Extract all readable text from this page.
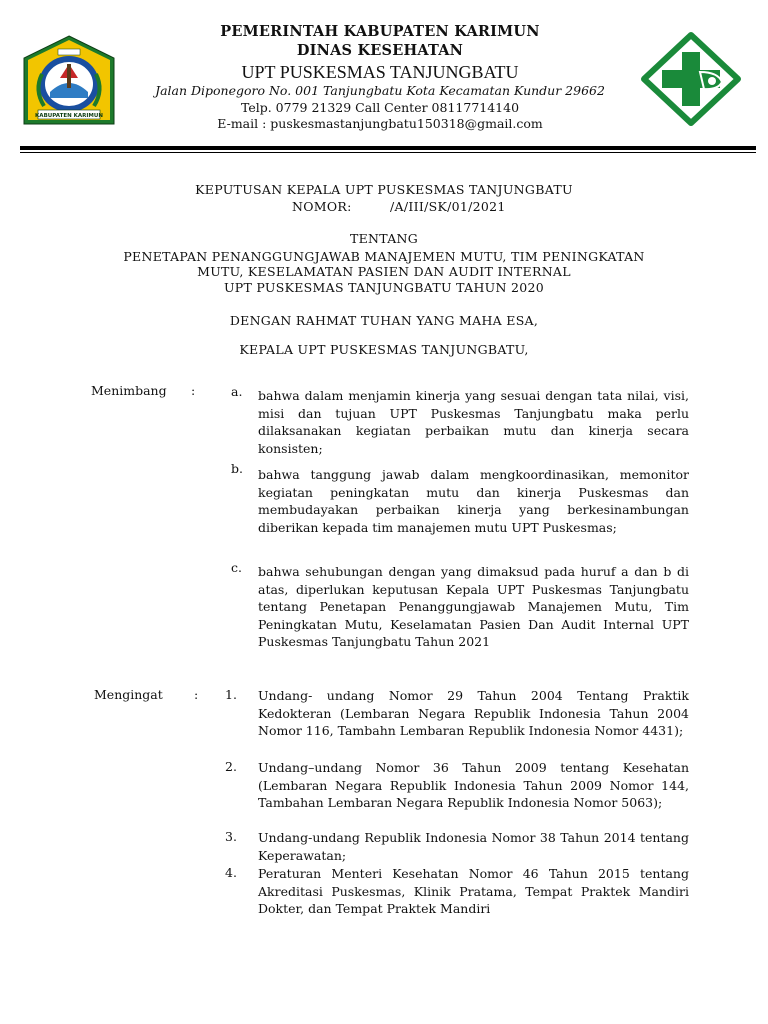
KABUPATEN KARIMUN
PEMERINTAH KABUPATEN KARIMUN
DINAS KESEHATAN
UPT PUSKESMAS TANJUNGBATU
Jalan Diponegoro No. 001 Tanjungbatu Kota Kecamatan Kundur 29662
Telp. 0779 21329 Call Center 08117714140
E-mail : puskesmastanjungbatu150318@gmail.com
KEPUTUSAN KEPALA UPT PUSKESMAS TANJUNGBATU
NOMOR:	/A/III/SK/01/2021
TENTANG
PENETAPAN PENANGGUNGJAWAB MANAJEMEN MUTU, TIM PENINGKATAN
MUTU, KESELAMATAN PASIEN DAN AUDIT INTERNAL
UPT PUSKESMAS TANJUNGBATU TAHUN 2020
DENGAN RAHMAT TUHAN YANG MAHA ESA,
KEPALA UPT PUSKESMAS TANJUNGBATU,
Menimbang :	a. bahwa dalam menjamin kinerja yang sesuai dengan tata nilai, visi, misi dan tujuan UPT Puskesmas Tanjungbatu maka perlu dilaksanakan kegiatan perbaikan mutu dan kinerja secara konsisten;
b. bahwa tanggung jawab dalam mengkoordinasikan, memonitor kegiatan peningkatan mutu dan kinerja Puskesmas dan membudayakan perbaikan kinerja yang berkesinambungan diberikan kepada tim manajemen mutu UPT Puskesmas;
c. bahwa sehubungan dengan yang dimaksud pada huruf a dan b di atas, diperlukan keputusan Kepala UPT Puskesmas Tanjungbatu tentang Penetapan Penanggungjawab Manajemen Mutu, Tim Peningkatan Mutu, Keselamatan Pasien Dan Audit Internal UPT Puskesmas Tanjungbatu Tahun 2021
Mengingat : 1. Undang- undang Nomor 29 Tahun 2004 Tentang Praktik Kedokteran (Lembaran Negara Republik Indonesia Tahun 2004 Nomor 116, Tambahn Lembaran Republik Indonesia Nomor 4431);
2. Undang–undang Nomor 36 Tahun 2009 tentang Kesehatan (Lembaran Negara Republik Indonesia Tahun 2009 Nomor 144, Tambahan Lembaran Negara Republik Indonesia Nomor 5063);
3. Undang-undang Republik Indonesia Nomor 38 Tahun 2014 tentang Keperawatan;
4. Peraturan Menteri Kesehatan Nomor 46 Tahun 2015 tentang Akreditasi Puskesmas, Klinik Pratama, Tempat Praktek Mandiri Dokter, dan Tempat Praktek Mandiri
